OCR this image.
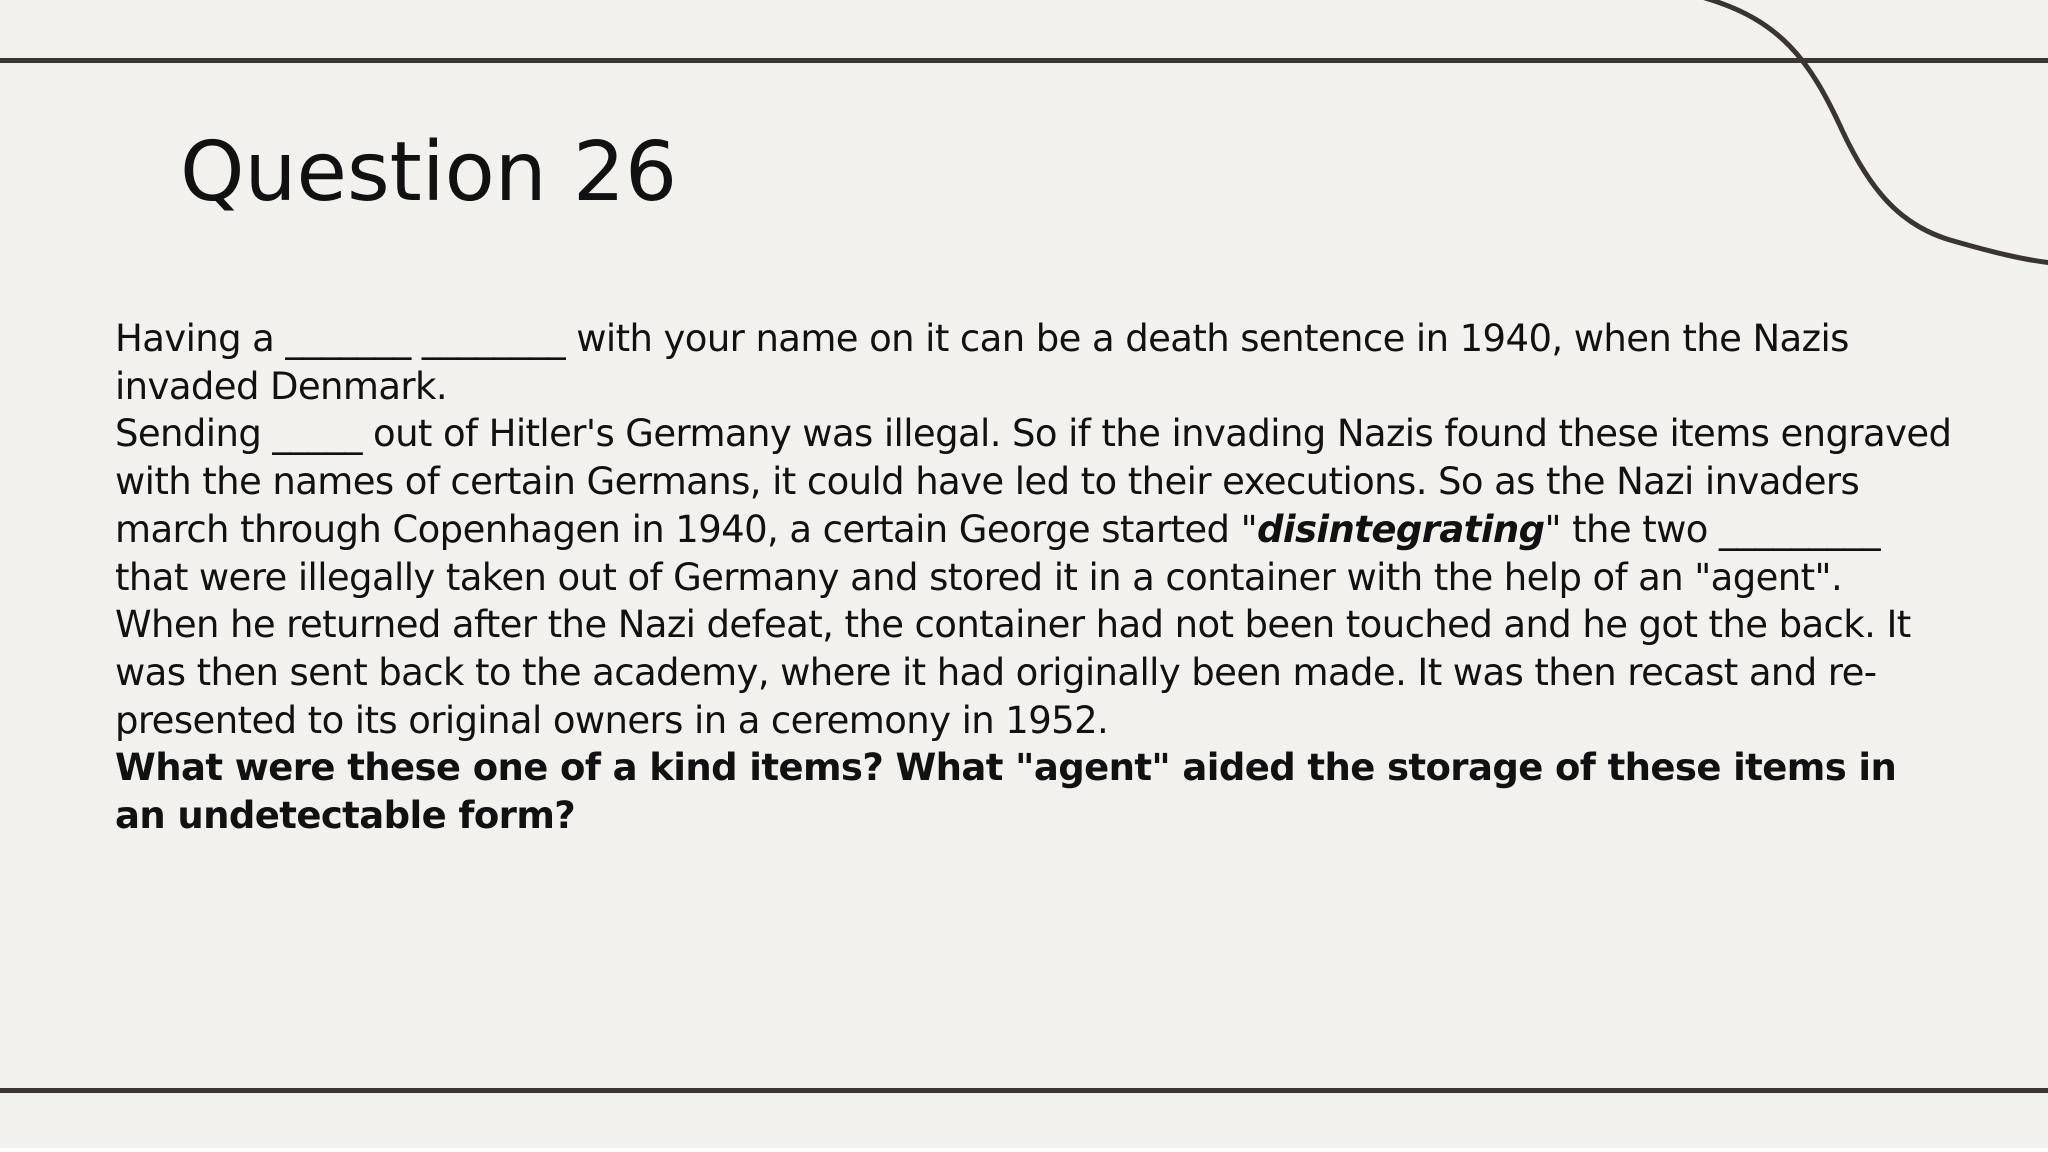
Question 26

Having a _______ ________ with your name on it can be a death sentence in 1940, when the Nazis invaded Denmark.

Sending _____ out of Hitler's Germany was illegal. So if the invading Nazis found these items engraved with the names of certain Germans, it could have led to their executions. So as the Nazi invaders march through Copenhagen in 1940, a certain George started "disintegrating" the two _________ that were illegally taken out of Germany and stored it in a container with the help of an "agent".

When he returned after the Nazi defeat, the container had not been touched and he got the back. It was then sent back to the academy, where it had originally been made. It was then recast and re-presented to its original owners in a ceremony in 1952.

What were these one of a kind items? What "agent" aided the storage of these items in an undetectable form?
